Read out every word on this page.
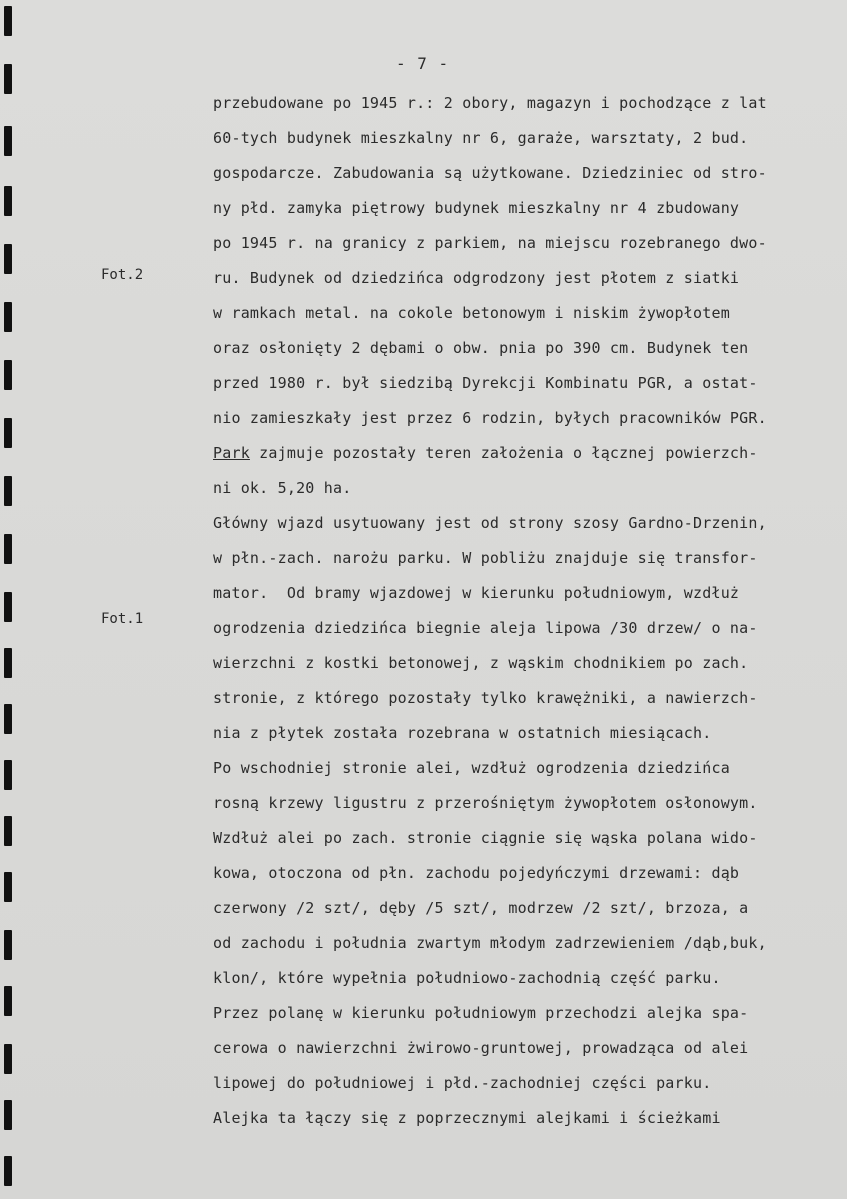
- 7 -
Fot.2
Fot.1
przebudowane po 1945 r.: 2 obory, magazyn i pochodzące z lat
60-tych budynek mieszkalny nr 6, garaże, warsztaty, 2 bud.
gospodarcze. Zabudowania są użytkowane. Dziedziniec od stro-
ny płd. zamyka piętrowy budynek mieszkalny nr 4 zbudowany
po 1945 r. na granicy z parkiem, na miejscu rozebranego dwo-
ru. Budynek od dziedzińca odgrodzony jest płotem z siatki
w ramkach metal. na cokole betonowym i niskim żywopłotem
oraz osłonięty 2 dębami o obw. pnia po 390 cm. Budynek ten
przed 1980 r. był siedzibą Dyrekcji Kombinatu PGR, a ostat-
nio zamieszkały jest przez 6 rodzin, byłych pracowników PGR.
Park zajmuje pozostały teren założenia o łącznej powierzch-
ni ok. 5,20 ha.
Główny wjazd usytuowany jest od strony szosy Gardno-Drzenin,
w płn.-zach. narożu parku. W pobliżu znajduje się transfor-
mator.  Od bramy wjazdowej w kierunku południowym, wzdłuż
ogrodzenia dziedzińca biegnie aleja lipowa /30 drzew/ o na-
wierzchni z kostki betonowej, z wąskim chodnikiem po zach.
stronie, z którego pozostały tylko krawężniki, a nawierzch-
nia z płytek została rozebrana w ostatnich miesiącach.
Po wschodniej stronie alei, wzdłuż ogrodzenia dziedzińca
rosną krzewy ligustru z przerośniętym żywopłotem osłonowym.
Wzdłuż alei po zach. stronie ciągnie się wąska polana wido-
kowa, otoczona od płn. zachodu pojedyńczymi drzewami: dąb
czerwony /2 szt/, dęby /5 szt/, modrzew /2 szt/, brzoza, a
od zachodu i południa zwartym młodym zadrzewieniem /dąb,buk,
klon/, które wypełnia południowo-zachodnią część parku.
Przez polanę w kierunku południowym przechodzi alejka spa-
cerowa o nawierzchni żwirowo-gruntowej, prowadząca od alei
lipowej do południowej i płd.-zachodniej części parku.
Alejka ta łączy się z poprzecznymi alejkami i ścieżkami
